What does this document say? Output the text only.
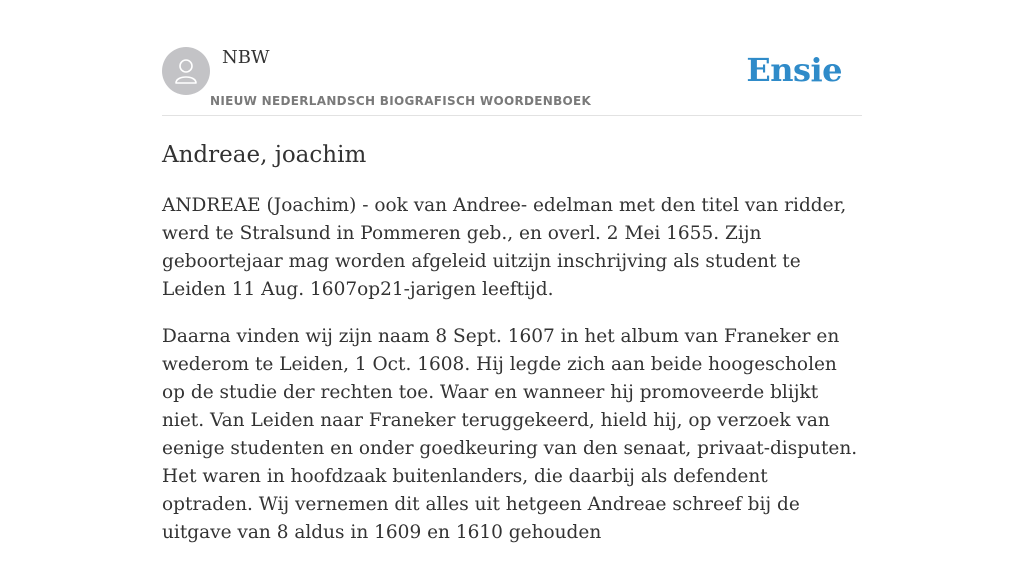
NBW
NIEUW NEDERLANDSCH BIOGRAFISCH WOORDENBOEK
Ensie
Andreae, joachim

ANDREAE (Joachim) - ook van Andree- edelman met den titel van ridder, werd te Stralsund in Pommeren geb., en overl. 2 Mei 1655. Zijn geboortejaar mag worden afgeleid uitzijn inschrijving als student te Leiden 11 Aug. 1607op21-jarigen leeftijd.

Daarna vinden wij zijn naam 8 Sept. 1607 in het album van Franeker en wederom te Leiden, 1 Oct. 1608. Hij legde zich aan beide hoogescholen op de studie der rechten toe. Waar en wanneer hij promoveerde blijkt niet. Van Leiden naar Franeker teruggekeerd, hield hij, op verzoek van eenige studenten en onder goedkeuring van den senaat, privaat-disputen. Het waren in hoofdzaak buitenlanders, die daarbij als defendent optraden. Wij vernemen dit alles uit hetgeen Andreae schreef bij de uitgave van 8 aldus in 1609 en 1610 gehouden
